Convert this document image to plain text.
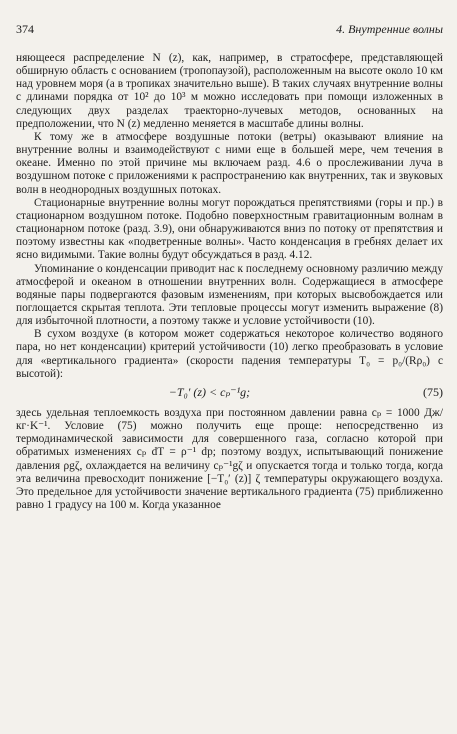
374	4. Внутренние волны

няющееся распределение N (z), как, например, в стратосфере, представляющей обширную область с основанием (тропопаузой), расположенным на высоте около 10 км над уровнем моря (а в тропиках значительно выше). В таких случаях внутренние волны с длинами порядка от 10² до 10³ м можно исследовать при помощи изложенных в следующих двух разделах траекторно-лучевых методов, основанных на предположении, что N (z) медленно меняется в масштабе длины волны.

К тому же в атмосфере воздушные потоки (ветры) оказывают влияние на внутренние волны и взаимодействуют с ними еще в большей мере, чем течения в океане. Именно по этой причине мы включаем разд. 4.6 о прослеживании луча в воздушном потоке с приложениями к распространению как внутренних, так и звуковых волн в неоднородных воздушных потоках.

Стационарные внутренние волны могут порождаться препятствиями (горы и пр.) в стационарном воздушном потоке. Подобно поверхностным гравитационным волнам в стационарном потоке (разд. 3.9), они обнаруживаются вниз по потоку от препятствия и поэтому известны как «подветренные волны». Часто конденсация в гребнях делает их ясно видимыми. Такие волны будут обсуждаться в разд. 4.12.

Упоминание о конденсации приводит нас к последнему основному различию между атмосферой и океаном в отношении внутренних волн. Содержащиеся в атмосфере водяные пары подвергаются фазовым изменениям, при которых высвобождается или поглощается скрытая теплота. Эти тепловые процессы могут изменить выражение (8) для избыточной плотности, а поэтому также и условие устойчивости (10).

В сухом воздухе (в котором может содержаться некоторое количество водяного пара, но нет конденсации) критерий устойчивости (10) легко преобразовать в условие для «вертикального градиента» (скорости падения температуры T₀ = p₀/(Rρ₀) с высотой):

−T₀′ (z) < cₚ⁻¹g;	(75)

здесь удельная теплоемкость воздуха при постоянном давлении равна cₚ = 1000 Дж/кг·K⁻¹. Условие (75) можно получить еще проще: непосредственно из термодинамической зависимости для совершенного газа, согласно которой при обратимых изменениях cₚ dT = ρ⁻¹ dp; поэтому воздух, испытывающий понижение давления ρgζ, охлаждается на величину cₚ⁻¹gζ и опускается тогда и только тогда, когда эта величина превосходит понижение [−T₀′ (z)] ζ температуры окружающего воздуха. Это предельное для устойчивости значение вертикального градиента (75) приближенно равно 1 градусу на 100 м. Когда указанное
